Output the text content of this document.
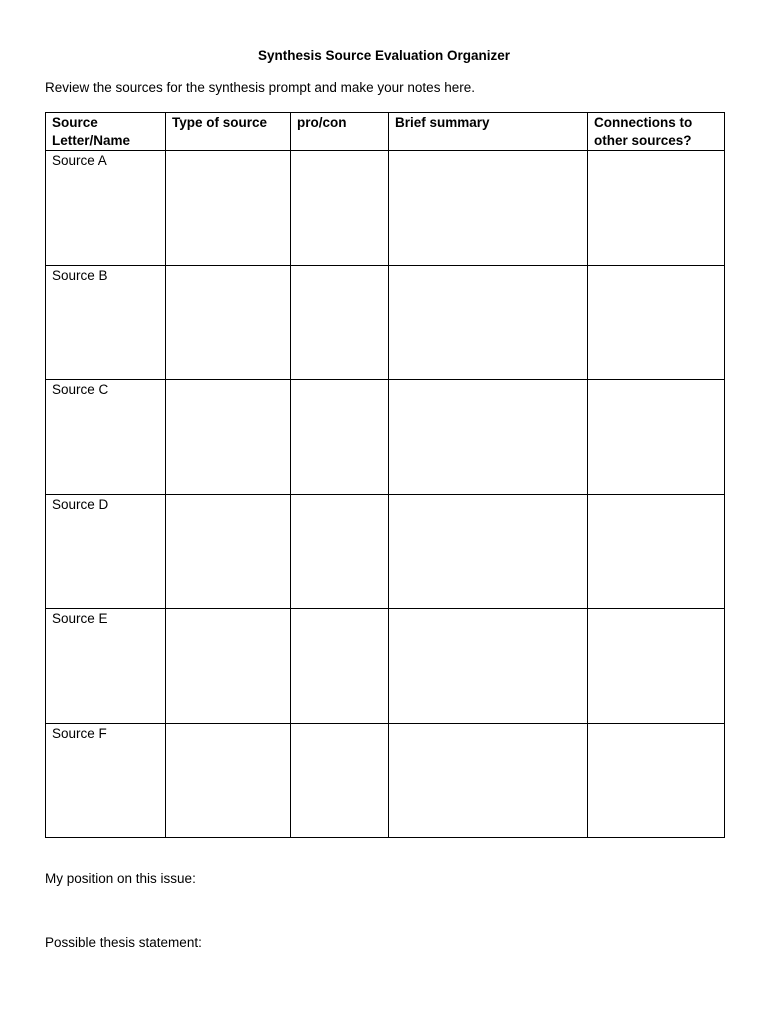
Synthesis Source Evaluation Organizer

Review the sources for the synthesis prompt and make your notes here.

Source Letter/Name	Type of source	pro/con	Brief summary	Connections to other sources?
Source A				
Source B				
Source C				
Source D				
Source E				
Source F				

My position on this issue:

Possible thesis statement:
